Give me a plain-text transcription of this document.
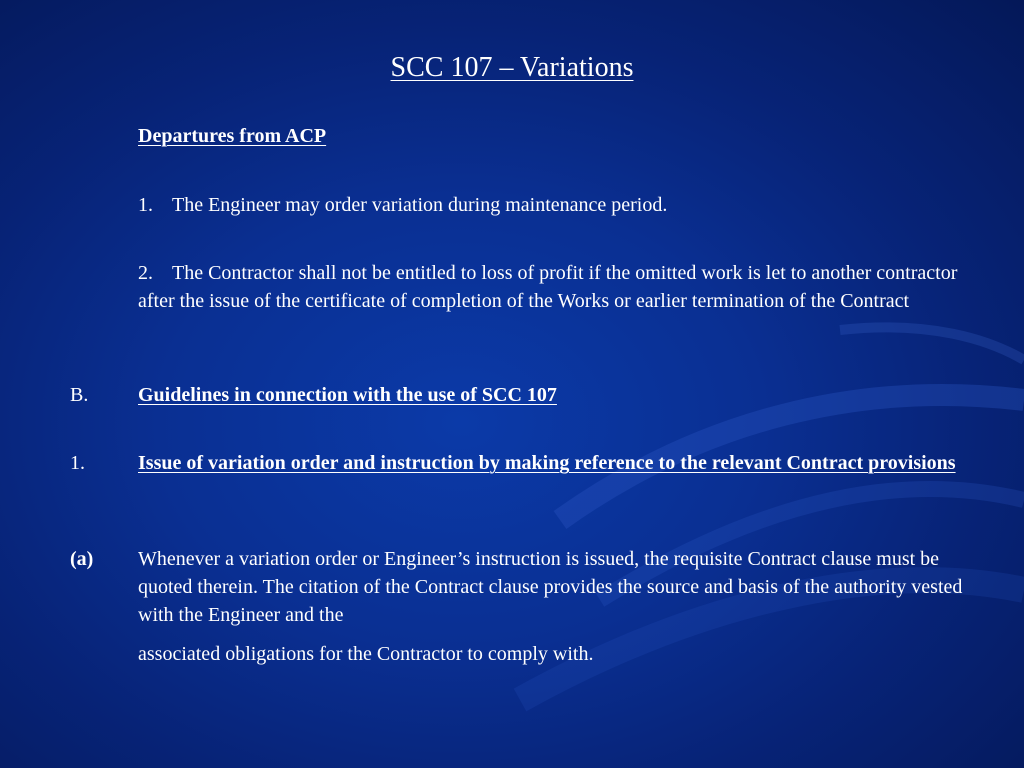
SCC 107 – Variations
Departures from ACP
1. The Engineer may order variation during maintenance period.
2. The Contractor shall not be entitled to loss of profit if the omitted work is let to another contractor after the issue of the certificate of completion of the Works or earlier termination of the Contract
B. Guidelines in connection with the use of SCC 107
1.	Issue of variation order and instruction by making reference to the relevant Contract provisions
(a) Whenever a variation order or Engineer’s instruction is issued, the requisite Contract clause must be quoted therein. The citation of the Contract clause provides the source and basis of the authority vested with the Engineer and the
associated obligations for the Contractor to comply with.
